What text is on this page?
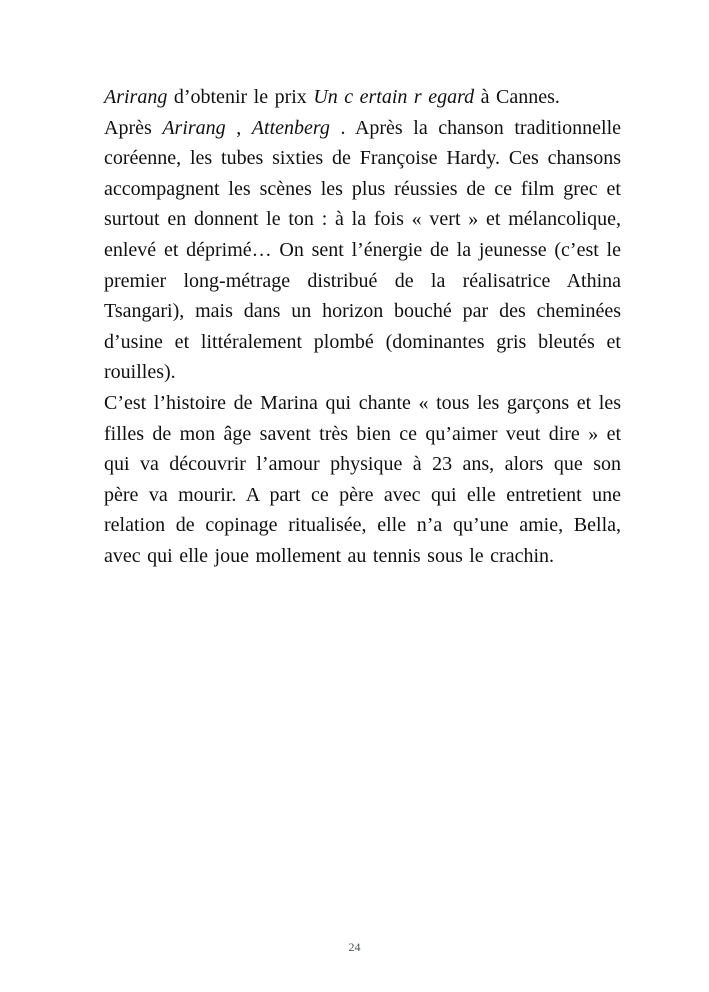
Arirang d’obtenir le prix Un c ertain r egard à Cannes.

Après Arirang , Attenberg . Après la chanson traditionnelle coréenne, les tubes sixties de Françoise Hardy. Ces chansons accompagnent les scènes les plus réussies de ce film grec et surtout en donnent le ton : à la fois « vert » et mélancolique, enlevé et déprimé… On sent l’énergie de la jeunesse (c’est le premier long-métrage distribué de la réalisatrice Athina Tsangari), mais dans un horizon bouché par des cheminées d’usine et littéralement plombé (dominantes gris bleutés et rouilles).

C’est l’histoire de Marina qui chante « tous les garçons et les filles de mon âge savent très bien ce qu’aimer veut dire » et qui va découvrir l’amour physique à 23 ans, alors que son père va mourir. A part ce père avec qui elle entretient une relation de copinage ritualisée, elle n’a qu’une amie, Bella, avec qui elle joue mollement au tennis sous le crachin.

24
